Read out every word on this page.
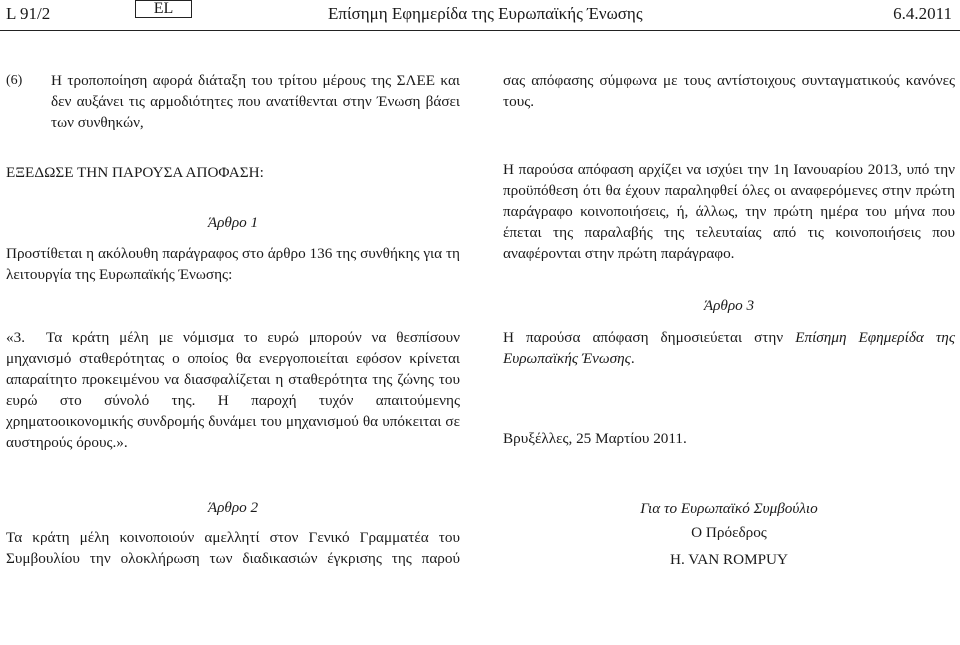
L 91/2	EL	Επίσημη Εφημερίδα της Ευρωπαϊκής Ένωσης	6.4.2011
(6) Η τροποποίηση αφορά διάταξη του τρίτου μέρους της ΣΛΕΕ και δεν αυξάνει τις αρμοδιότητες που ανατίθενται στην Ένωση βάσει των συνθηκών,

ΕΞΕΔΩΣΕ ΤΗΝ ΠΑΡΟΥΣΑ ΑΠΟΦΑΣΗ:

Άρθρο 1

Προστίθεται η ακόλουθη παράγραφος στο άρθρο 136 της συνθήκης για τη λειτουργία της Ευρωπαϊκής Ένωσης:

«3. Τα κράτη μέλη με νόμισμα το ευρώ μπορούν να θεσπίσουν μηχανισμό σταθερότητας ο οποίος θα ενεργοποιείται εφόσον κρίνεται απαραίτητο προκειμένου να διασφαλίζεται η σταθερότητα της ζώνης του ευρώ στο σύνολό της. Η παροχή τυχόν απαιτούμενης χρηματοοικονομικής συνδρομής δυνάμει του μηχανισμού θα υπόκειται σε αυστηρούς όρους.».

Άρθρο 2

Τα κράτη μέλη κοινοποιούν αμελλητί στον Γενικό Γραμματέα του Συμβουλίου την ολοκλήρωση των διαδικασιών έγκρισης της παρού

σας απόφασης σύμφωνα με τους αντίστοιχους συνταγματικούς κανόνες τους.

Η παρούσα απόφαση αρχίζει να ισχύει την 1η Ιανουαρίου 2013, υπό την προϋπόθεση ότι θα έχουν παραληφθεί όλες οι αναφερόμενες στην πρώτη παράγραφο κοινοποιήσεις, ή, άλλως, την πρώτη ημέρα του μήνα που έπεται της παραλαβής της τελευταίας από τις κοινοποιήσεις που αναφέρονται στην πρώτη παράγραφο.

Άρθρο 3

Η παρούσα απόφαση δημοσιεύεται στην Επίσημη Εφημερίδα της Ευρωπαϊκής Ένωσης.

Βρυξέλλες, 25 Μαρτίου 2011.

Για το Ευρωπαϊκό Συμβούλιο

Ο Πρόεδρος

H. VAN ROMPUY
